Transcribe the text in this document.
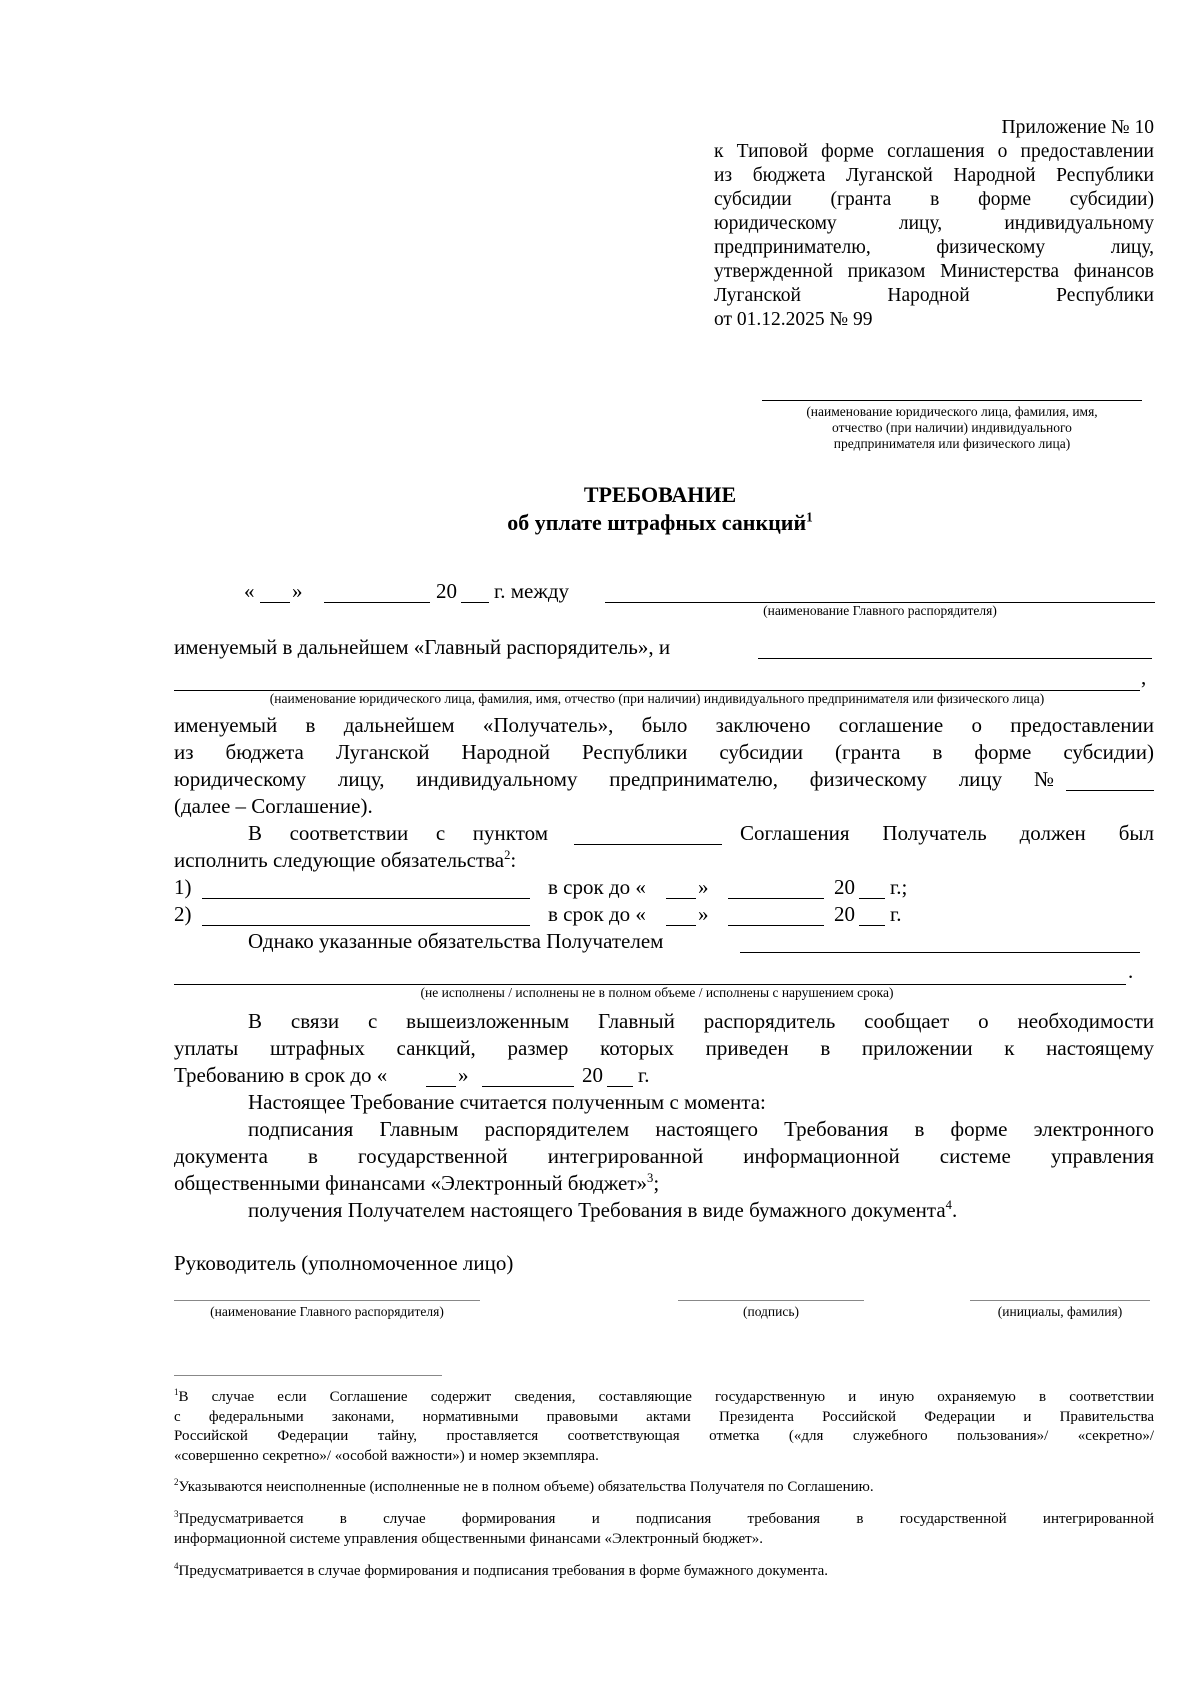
Приложение № 10
к Типовой форме соглашения о предоставлении
из бюджета Луганской Народной Республики
субсидии (гранта в форме субсидии)
юридическому лицу, индивидуальному
предпринимателю, физическому лицу,
утвержденной приказом Министерства финансов
Луганской Народной Республики
от 01.12.2025 № 99
(наименование юридического лица, фамилия, имя,
отчество (при наличии) индивидуального
предпринимателя или физического лица)
ТРЕБОВАНИЕ
об уплате штрафных санкций$^1$
« »	20 г. между
(наименование Главного распорядителя)
именуемый в дальнейшем «Главный распорядитель», и
,
(наименование юридического лица, фамилия, имя, отчество (при наличии) индивидуального предпринимателя или физического лица)
именуемый в дальнейшем «Получатель», было заключено соглашение о предоставлении
из бюджета Луганской Народной Республики субсидии (гранта в форме субсидии)
юридическому лицу, индивидуальному предпринимателю, физическому лицу №
(далее – Соглашение).
В соответствии с пунктом	Соглашения Получатель должен был
исполнить следующие обязательства$^2$:
1)	в срок до « »	20 г.;
2)	в срок до « »	20 г.
Однако указанные обязательства Получателем
.
(не исполнены / исполнены не в полном объеме / исполнены с нарушением срока)
В связи с вышеизложенным Главный распорядитель сообщает о необходимости
уплаты штрафных санкций, размер которых приведен в приложении к настоящему
Требованию в срок до «	»	20 г.
Настоящее Требование считается полученным с момента:
подписания Главным распорядителем настоящего Требования в форме электронного
документа в государственной интегрированной информационной системе управления
общественными финансами «Электронный бюджет»$^3$;
получения Получателем настоящего Требования в виде бумажного документа$^4$.
Руководитель (уполномоченное лицо)
(наименование Главного распорядителя)	(подпись)	(инициалы, фамилия)
$^1$В случае если Соглашение содержит сведения, составляющие государственную и иную охраняемую в соответствии
с федеральными законами, нормативными правовыми актами Президента Российской Федерации и Правительства
Российской Федерации тайну, проставляется соответствующая отметка («для служебного пользования»/ «секретно»/
«совершенно секретно»/ «особой важности») и номер экземпляра.
$^2$Указываются неисполненные (исполненные не в полном объеме) обязательства Получателя по Соглашению.
$^3$Предусматривается в случае формирования и подписания требования в государственной интегрированной
информационной системе управления общественными финансами «Электронный бюджет».
$^4$Предусматривается в случае формирования и подписания требования в форме бумажного документа.
